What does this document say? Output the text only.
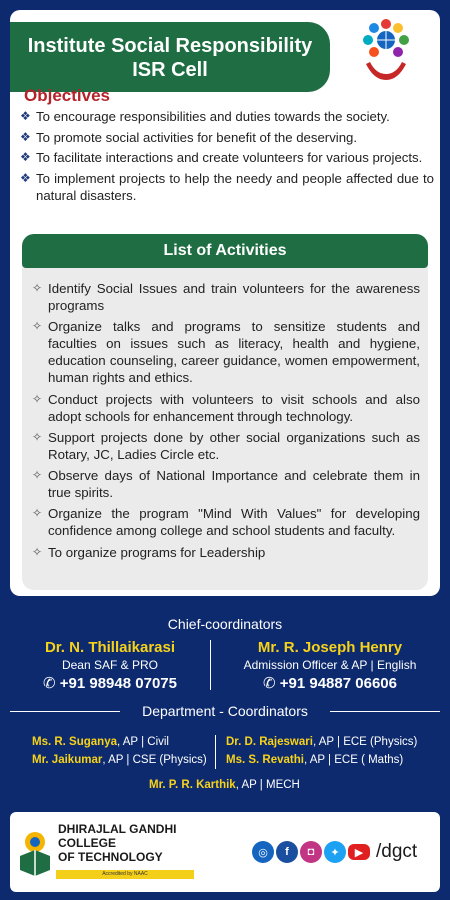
Institute Social Responsibility
ISR Cell
Objectives
❖ To encourage responsibilities and duties towards the society.
❖ To promote social activities for benefit of the deserving.
❖ To facilitate interactions and create volunteers for various projects.
❖ To implement projects to help the needy and people affected due to natural disasters.
List of Activities
✧ Identify Social Issues and train volunteers for the awareness programs
✧ Organize talks and programs to sensitize students and faculties on issues such as literacy, health and hygiene, education counseling, career guidance, women empowerment, human rights and ethics.
✧ Conduct projects with volunteers to visit schools and also adopt schools for enhancement through technology.
✧ Support projects done by other social organizations such as Rotary, JC, Ladies Circle etc.
✧ Observe days of National Importance and celebrate them in true spirits.
✧ Organize the program "Mind With Values" for developing confidence among college and school students and faculty.
✧ To organize programs for Leadership
Chief-coordinators
Dr. N. Thillaikarasi
Dean SAF & PRO
✆ +91 98948 07075
Mr. R. Joseph Henry
Admission Officer & AP | English
✆ +91 94887 06606
Department - Coordinators
Ms. R. Suganya, AP | Civil
Mr. Jaikumar, AP | CSE (Physics)
Dr. D. Rajeswari, AP | ECE (Physics)
Ms. S. Revathi, AP | ECE ( Maths)
Mr. P. R. Karthik, AP | MECH
DHIRAJLAL GANDHI
COLLEGE
OF TECHNOLOGY
Accredited by NAAC
◎	f	◘	✦	▶ /dgct
